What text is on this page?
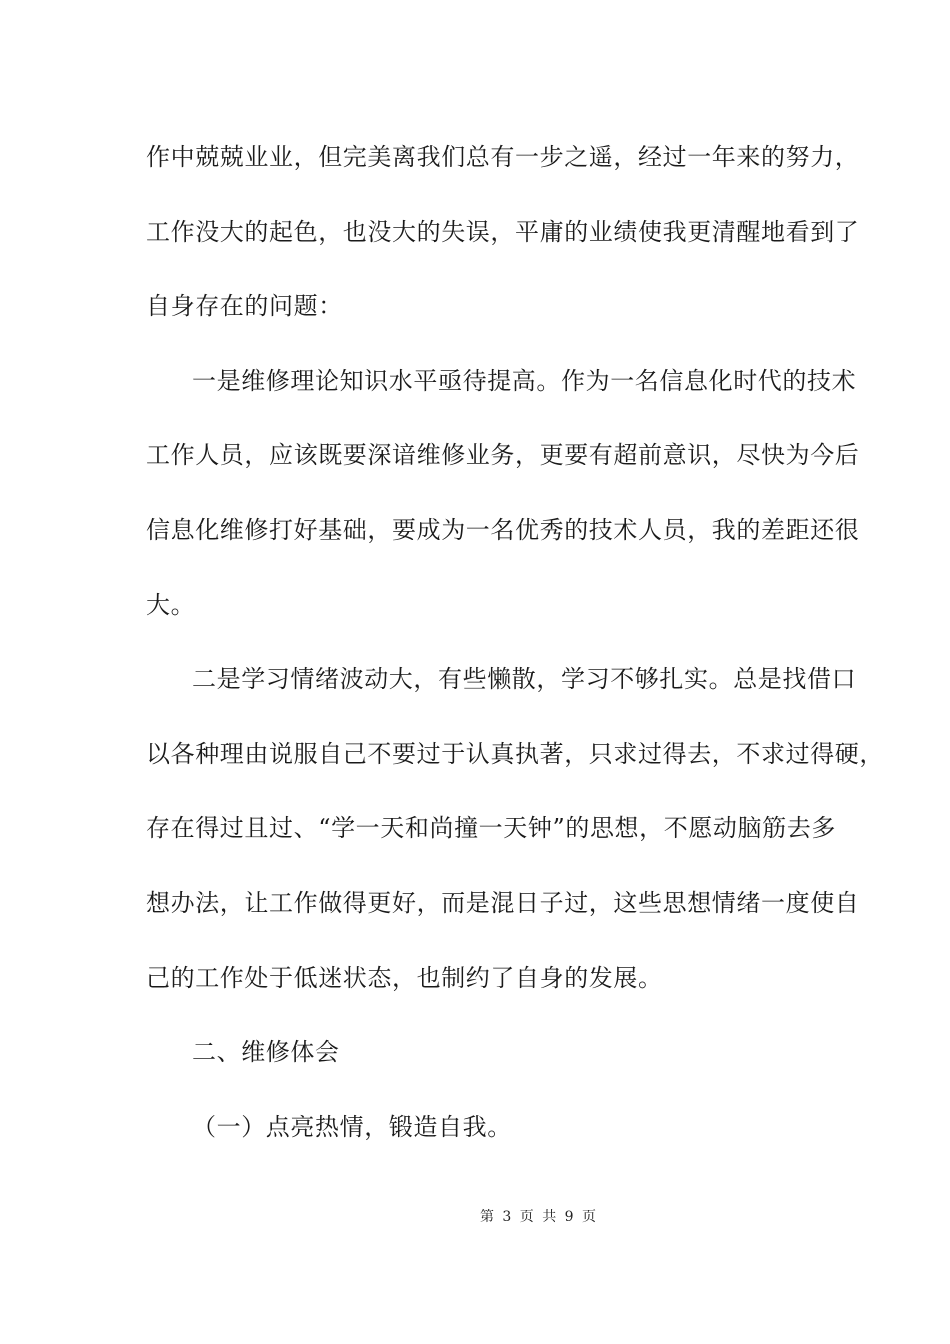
作中兢兢业业，但完美离我们总有一步之遥，经过一年来的努力，
工作没大的起色，也没大的失误，平庸的业绩使我更清醒地看到了
自身存在的问题：
一是维修理论知识水平亟待提高。作为一名信息化时代的技术
工作人员，应该既要深谙维修业务，更要有超前意识，尽快为今后
信息化维修打好基础，要成为一名优秀的技术人员，我的差距还很
大。
二是学习情绪波动大，有些懒散，学习不够扎实。总是找借口
以各种理由说服自己不要过于认真执著，只求过得去，不求过得硬，
存在得过且过、“学一天和尚撞一天钟”的思想，不愿动脑筋去多
想办法，让工作做得更好，而是混日子过，这些思想情绪一度使自
己的工作处于低迷状态，也制约了自身的发展。
二、维修体会
（一）点亮热情，锻造自我。
第 3 页 共 9 页
